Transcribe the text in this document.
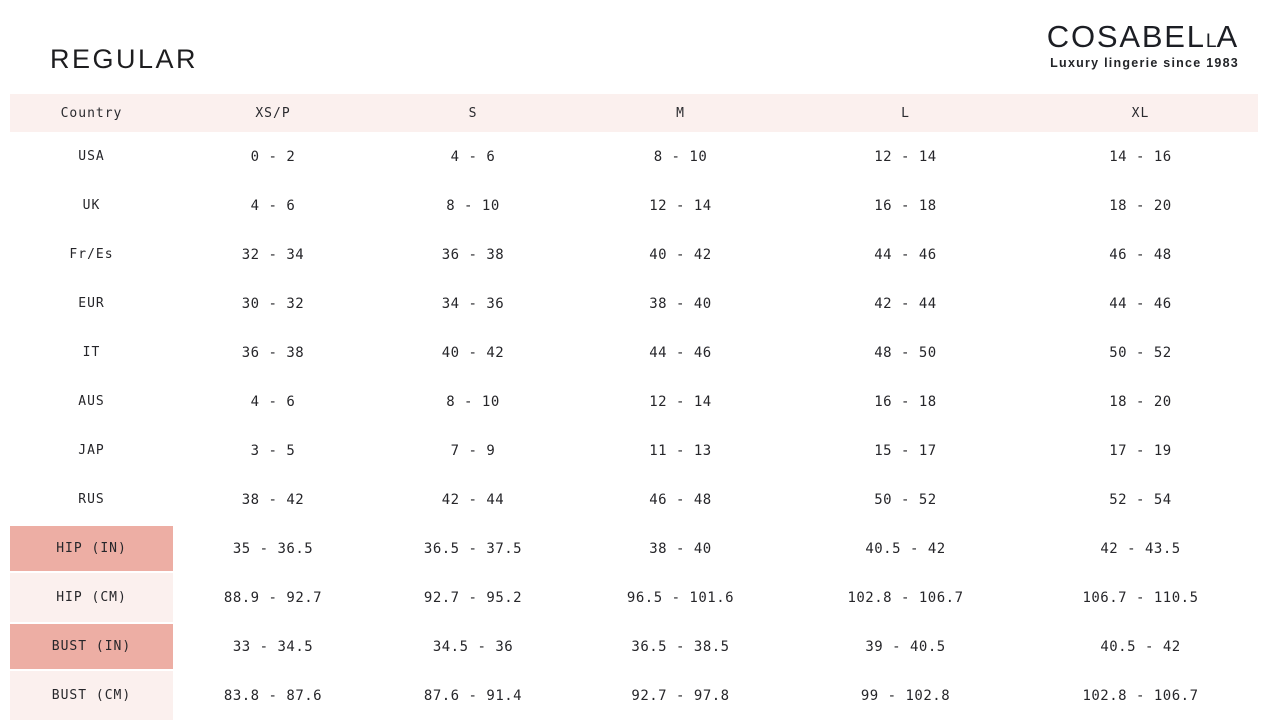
REGULAR
COSABELLA
Luxury lingerie since 1983
Country	XS/P	S	M	L	XL
USA	0 - 2	4 - 6	8 - 10	12 - 14	14 - 16
UK	4 - 6	8 - 10	12 - 14	16 - 18	18 - 20
Fr/Es	32 - 34	36 - 38	40 - 42	44 - 46	46 - 48
EUR	30 - 32	34 - 36	38 - 40	42 - 44	44 - 46
IT	36 - 38	40 - 42	44 - 46	48 - 50	50 - 52
AUS	4 - 6	8 - 10	12 - 14	16 - 18	18 - 20
JAP	3 - 5	7 - 9	11 - 13	15 - 17	17 - 19
RUS	38 - 42	42 - 44	46 - 48	50 - 52	52 - 54
HIP (IN)	35 - 36.5	36.5 - 37.5	38 - 40	40.5 - 42	42 - 43.5
HIP (CM)	88.9 - 92.7	92.7 - 95.2	96.5 - 101.6	102.8 - 106.7	106.7 - 110.5
BUST (IN)	33 - 34.5	34.5 - 36	36.5 - 38.5	39 - 40.5	40.5 - 42
BUST (CM)	83.8 - 87.6	87.6 - 91.4	92.7 - 97.8	99 - 102.8	102.8 - 106.7
